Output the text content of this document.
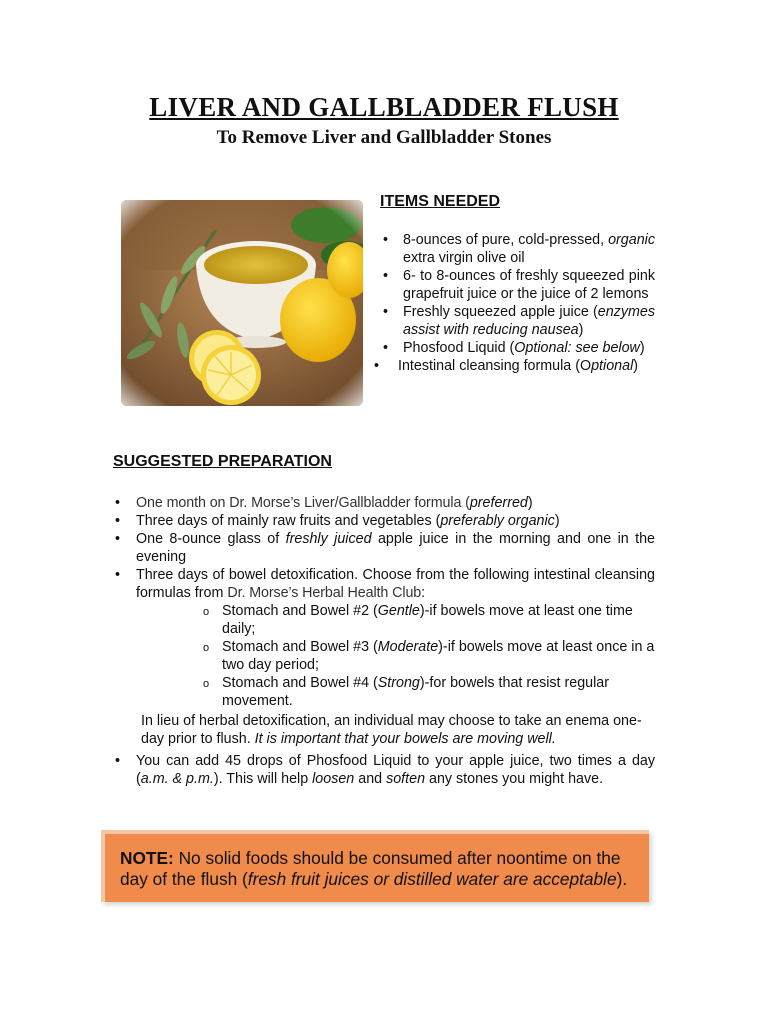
LIVER AND GALLBLADDER FLUSH
To Remove Liver and Gallbladder Stones
ITEMS NEEDED
• 8-ounces of pure, cold-pressed, organic extra virgin olive oil
• 6- to 8-ounces of freshly squeezed pink grapefruit juice or the juice of 2 lemons
• Freshly squeezed apple juice (enzymes assist with reducing nausea)
• Phosfood Liquid (Optional: see below)
• Intestinal cleansing formula (Optional)
SUGGESTED PREPARATION
• One month on Dr. Morse’s Liver/Gallbladder formula (preferred)
• Three days of mainly raw fruits and vegetables (preferably organic)
• One 8-ounce glass of freshly juiced apple juice in the morning and one in the evening
• Three days of bowel detoxification. Choose from the following intestinal cleansing formulas from Dr. Morse’s Herbal Health Club:
o Stomach and Bowel #2 (Gentle)-if bowels move at least one time daily;
o Stomach and Bowel #3 (Moderate)-if bowels move at least once in a two day period;
o Stomach and Bowel #4 (Strong)-for bowels that resist regular movement.
In lieu of herbal detoxification, an individual may choose to take an enema one-day prior to flush. It is important that your bowels are moving well.
• You can add 45 drops of Phosfood Liquid to your apple juice, two times a day (a.m. & p.m.). This will help loosen and soften any stones you might have.
NOTE: No solid foods should be consumed after noontime on the day of the flush (fresh fruit juices or distilled water are acceptable).
